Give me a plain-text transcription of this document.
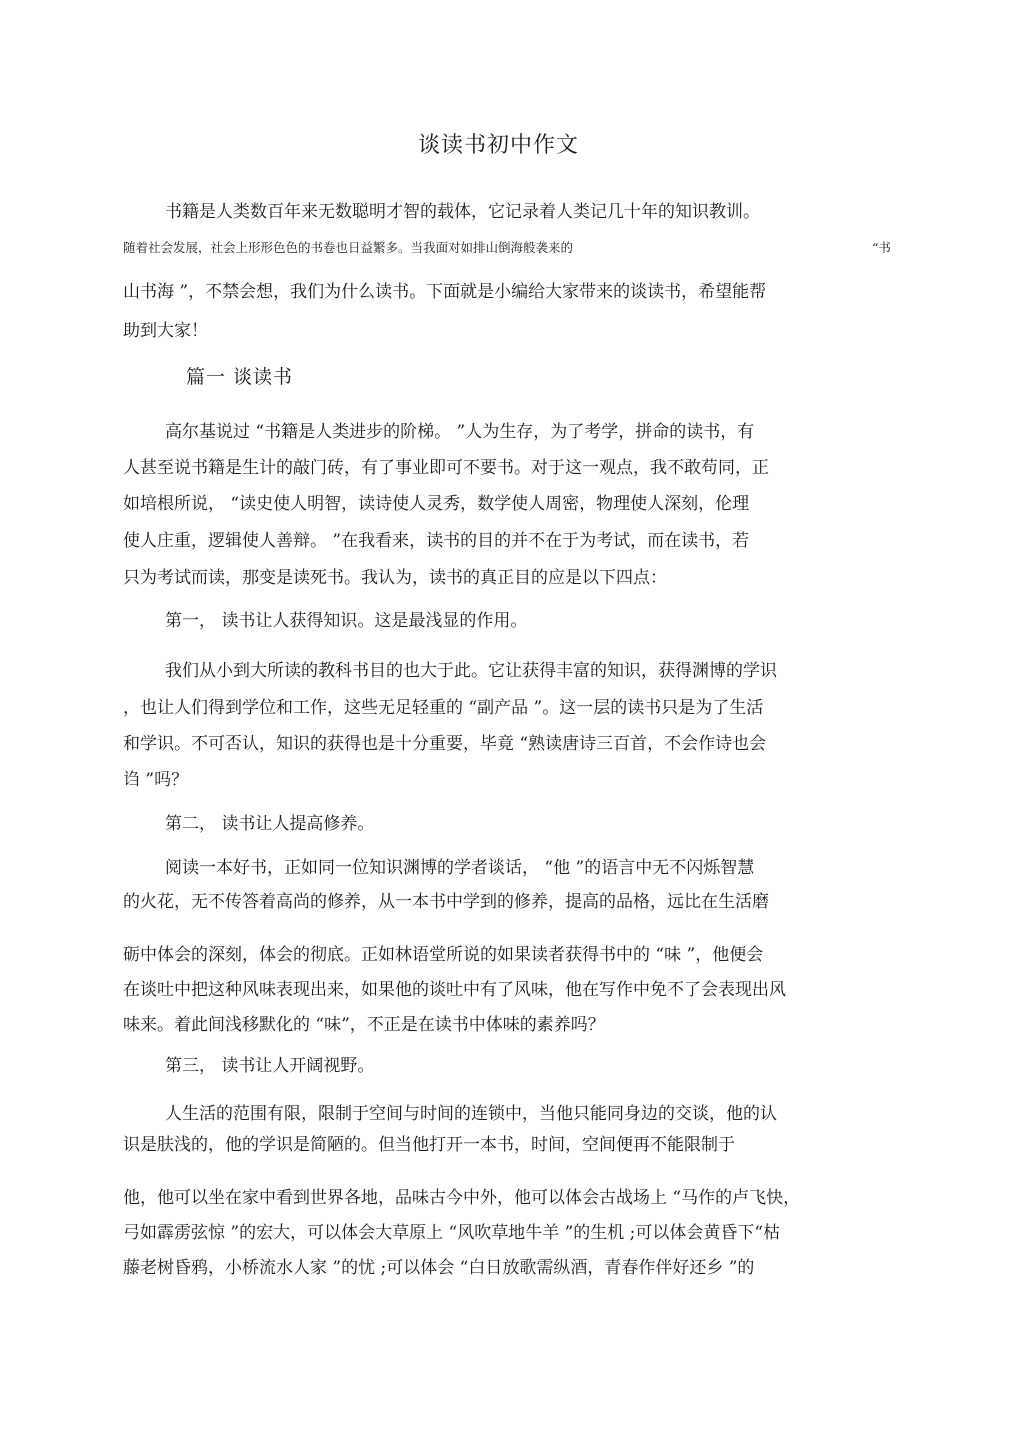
谈读书初中作文

书籍是人类数百年来无数聪明才智的载体，它记录着人类记几十年的知识教训。

随着社会发展，社会上形形色色的书卷也日益繁多。当我面对如排山倒海般袭来的	“书

山书海 ”，不禁会想，我们为什么读书。下面就是小编给大家带来的谈读书，希望能帮

助到大家！

篇一 谈读书

高尔基说过 “书籍是人类进步的阶梯。 ”人为生存，为了考学，拼命的读书，有

人甚至说书籍是生计的敲门砖，有了事业即可不要书。对于这一观点，我不敢苟同，正

如培根所说， “读史使人明智，读诗使人灵秀，数学使人周密，物理使人深刻，伦理

使人庄重，逻辑使人善辩。 ”在我看来，读书的目的并不在于为考试，而在读书，若

只为考试而读，那变是读死书。我认为，读书的真正目的应是以下四点：

第一， 读书让人获得知识。这是最浅显的作用。

我们从小到大所读的教科书目的也大于此。它让获得丰富的知识，获得渊博的学识

，也让人们得到学位和工作，这些无足轻重的 “副产品 ”。这一层的读书只是为了生活

和学识。不可否认，知识的获得也是十分重要，毕竟 “熟读唐诗三百首，不会作诗也会

诌 ”吗？

第二， 读书让人提高修养。

阅读一本好书，正如同一位知识渊博的学者谈话， “他 ”的语言中无不闪烁智慧

的火花，无不传答着高尚的修养，从一本书中学到的修养，提高的品格，远比在生活磨

砺中体会的深刻，体会的彻底。正如林语堂所说的如果读者获得书中的 “味 ”，他便会

在谈吐中把这种风味表现出来，如果他的谈吐中有了风味，他在写作中免不了会表现出风

味来。着此间浅移默化的 “味”，不正是在读书中体味的素养吗？

第三， 读书让人开阔视野。

人生活的范围有限，限制于空间与时间的连锁中，当他只能同身边的交谈，他的认

识是肤浅的，他的学识是简陋的。但当他打开一本书，时间，空间便再不能限制于

他，他可以坐在家中看到世界各地，品味古今中外，他可以体会古战场上 “马作的卢飞快，

弓如霹雳弦惊 ”的宏大，可以体会大草原上 “风吹草地牛羊 ”的生机 ;可以体会黄昏下“枯

藤老树昏鸦，小桥流水人家 ”的忧 ;可以体会 “白日放歌需纵酒，青春作伴好还乡 ”的
